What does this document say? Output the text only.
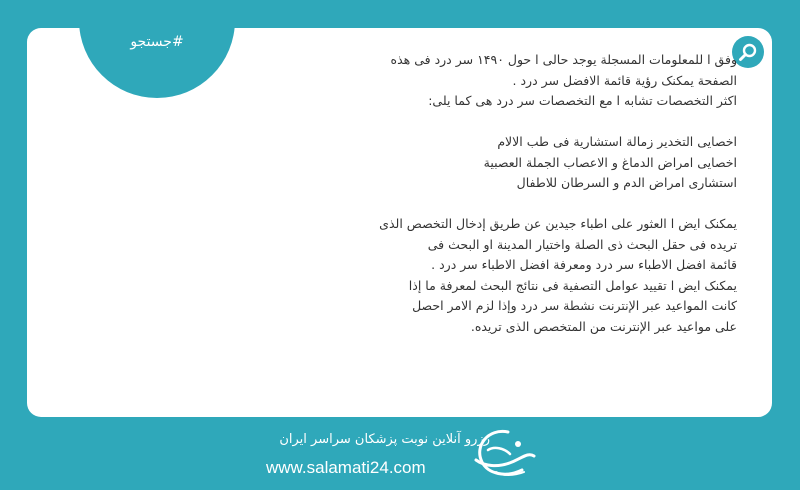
#جستجو

وفق ا للمعلومات المسجلة یوجد حالی ا حول ۱۴۹۰ سر درد فی هذه

الصفحة یمکنک رؤیة قائمة الافضل سر درد .

اکثر التخصصات تشابه ا مع التخصصات سر درد هی کما یلی:

اخصایی التخدیر زمالة استشاریة فی طب الالام

اخصایی امراض الدماغ و الاعصاب الجملة العصبیة

استشاری امراض الدم و السرطان للاطفال

یمکنک ایض ا العثور علی اطباء جیدین عن طریق إدخال التخصص الذی

تریده فی حقل البحث ذی الصلة واختیار المدینة او البحث فی

قائمة افضل الاطباء سر درد ومعرفة افضل الاطباء سر درد .

یمکنک ایض ا تقیید عوامل التصفیة فی نتائج البحث لمعرفة ما إذا

کانت المواعید عبر الإنترنت نشطة سر درد وإذا لزم الامر احصل

علی مواعید عبر الإنترنت من المتخصص الذی تریده.

رزرو آنلاین نوبت پزشکان سراسر ایران
www.salamati24.com
